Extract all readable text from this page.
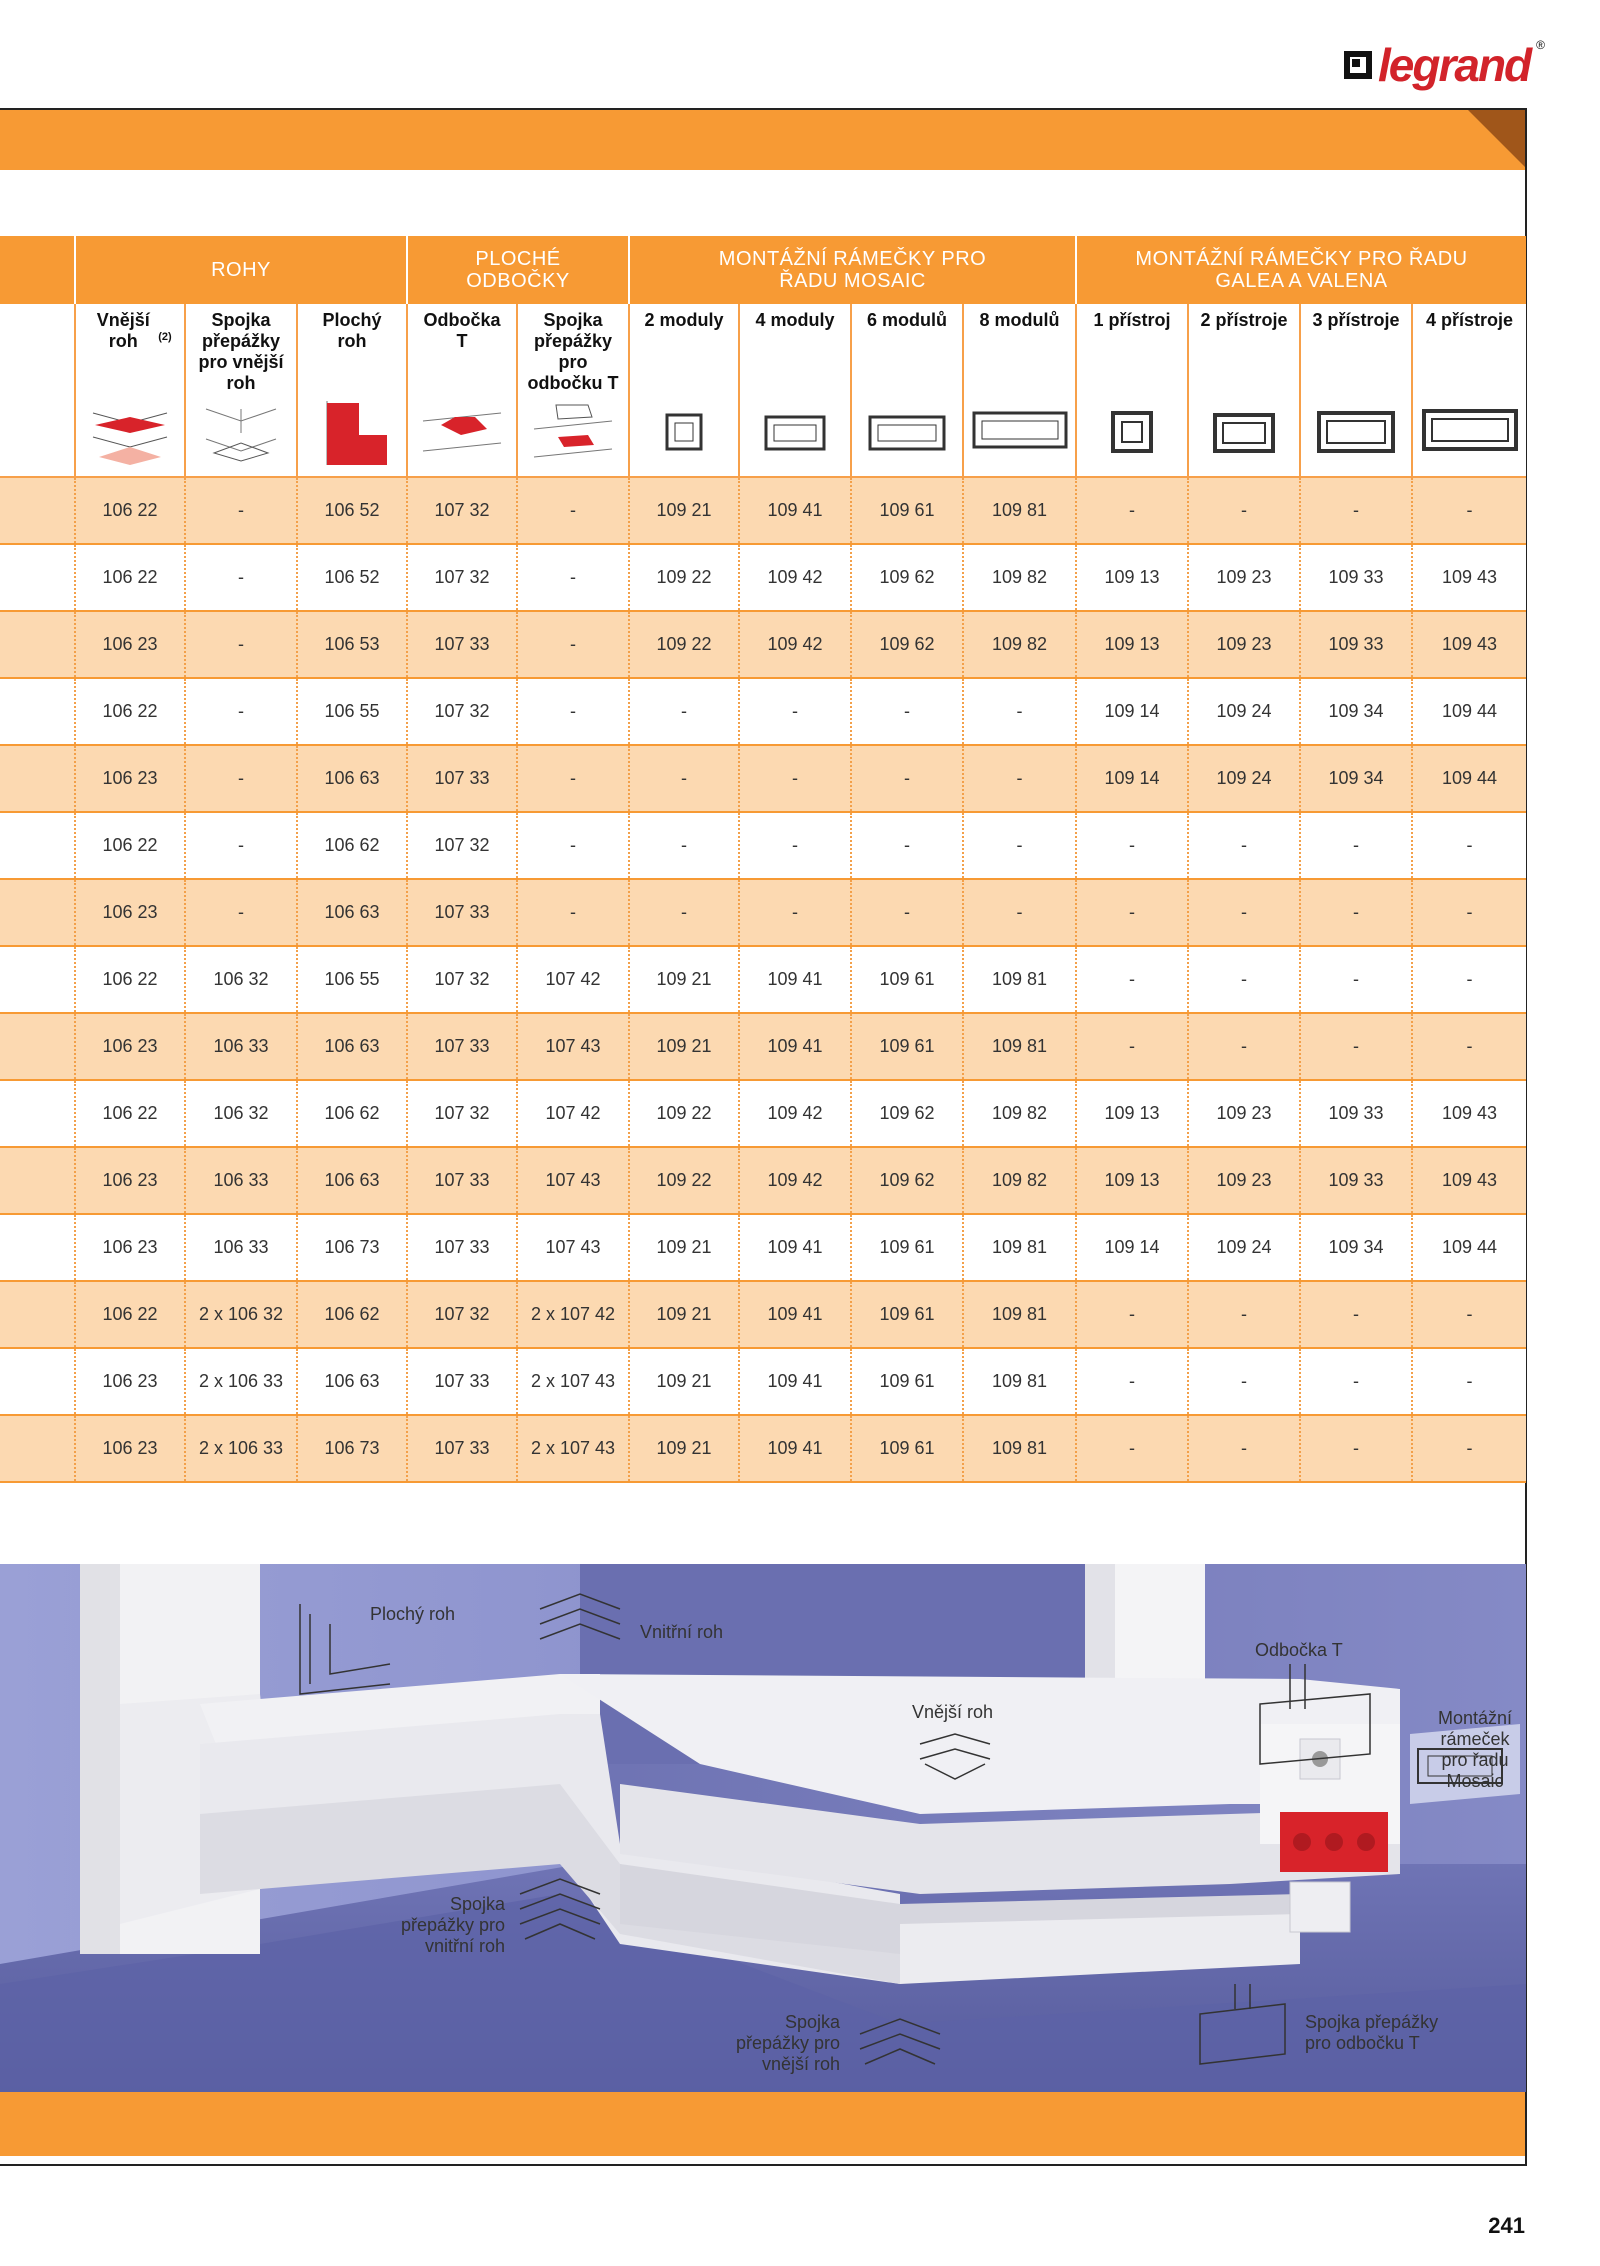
legrand ®
	ROHY			PLOCHÉ ODBOČKY		MONTÁŽNÍ RÁMEČKY PRO ŘADU MOSAIC				MONTÁŽNÍ RÁMEČKY PRO ŘADU GALEA A VALENA			

	Vnější roh $^{(2)}$	Spojka přepážky pro vnější roh	Plochý roh	Odbočka T	Spojka přepážky pro odbočku T	2 moduly	4 moduly	6 modulů	8 modulů	1 přístroj	2 přístroje	3 přístroje	4 přístroje

	106 22	-	106 52	107 32	-	109 21	109 41	109 61	109 81	-	-	-	-
	106 22	-	106 52	107 32	-	109 22	109 42	109 62	109 82	109 13	109 23	109 33	109 43
	106 23	-	106 53	107 33	-	109 22	109 42	109 62	109 82	109 13	109 23	109 33	109 43
	106 22	-	106 55	107 32	-	-	-	-	-	109 14	109 24	109 34	109 44
	106 23	-	106 63	107 33	-	-	-	-	-	109 14	109 24	109 34	109 44
	106 22	-	106 62	107 32	-	-	-	-	-	-	-	-	-
	106 23	-	106 63	107 33	-	-	-	-	-	-	-	-	-
	106 22	106 32	106 55	107 32	107 42	109 21	109 41	109 61	109 81	-	-	-	-
	106 23	106 33	106 63	107 33	107 43	109 21	109 41	109 61	109 81	-	-	-	-
	106 22	106 32	106 62	107 32	107 42	109 22	109 42	109 62	109 82	109 13	109 23	109 33	109 43
	106 23	106 33	106 63	107 33	107 43	109 22	109 42	109 62	109 82	109 13	109 23	109 33	109 43
	106 23	106 33	106 73	107 33	107 43	109 21	109 41	109 61	109 81	109 14	109 24	109 34	109 44
	106 22	2 x 106 32	106 62	107 32	2 x 107 42	109 21	109 41	109 61	109 81	-	-	-	-
	106 23	2 x 106 33	106 63	107 33	2 x 107 43	109 21	109 41	109 61	109 81	-	-	-	-
	106 23	2 x 106 33	106 73	107 33	2 x 107 43	109 21	109 41	109 61	109 81	-	-	-	-
Plochý roh
Vnitřní roh
Odbočka T
Vnější roh	Montážní rámeček pro řadu Mosaic
Spojka přepážky pro vnitřní roh
Spojka přepážky pro vnější roh
Spojka přepážky pro odbočku T
241
